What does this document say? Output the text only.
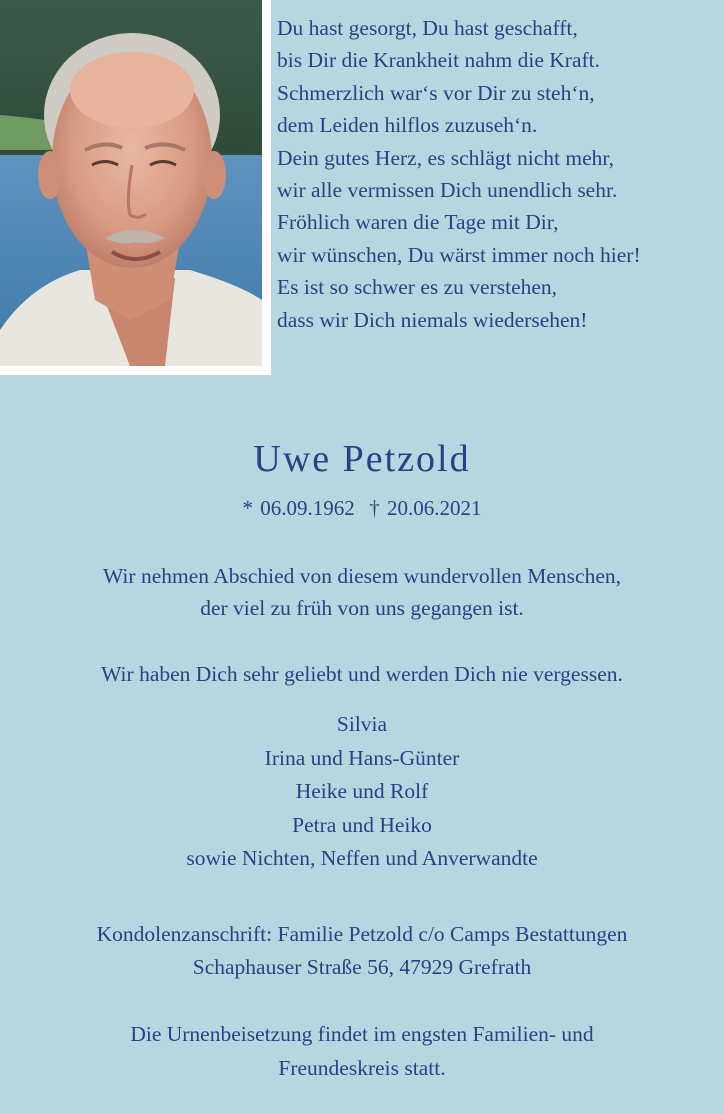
Du hast gesorgt, Du hast geschafft,
bis Dir die Krankheit nahm die Kraft.
Schmerzlich war‘s vor Dir zu steh‘n,
dem Leiden hilflos zuzuseh‘n.
Dein gutes Herz, es schlägt nicht mehr,
wir alle vermissen Dich unendlich sehr.
Fröhlich waren die Tage mit Dir,
wir wünschen, Du wärst immer noch hier!
Es ist so schwer es zu verstehen,
dass wir Dich niemals wiedersehen!
Uwe Petzold
* 06.09.1962  † 20.06.2021
Wir nehmen Abschied von diesem wundervollen Menschen,
der viel zu früh von uns gegangen ist.
Wir haben Dich sehr geliebt und werden Dich nie vergessen.
Silvia
Irina und Hans-Günter
Heike und Rolf
Petra und Heiko
sowie Nichten, Neffen und Anverwandte
Kondolenzanschrift: Familie Petzold c/o Camps Bestattungen
Schaphauser Straße 56, 47929 Grefrath
Die Urnenbeisetzung findet im engsten Familien- und
Freundeskreis statt.
